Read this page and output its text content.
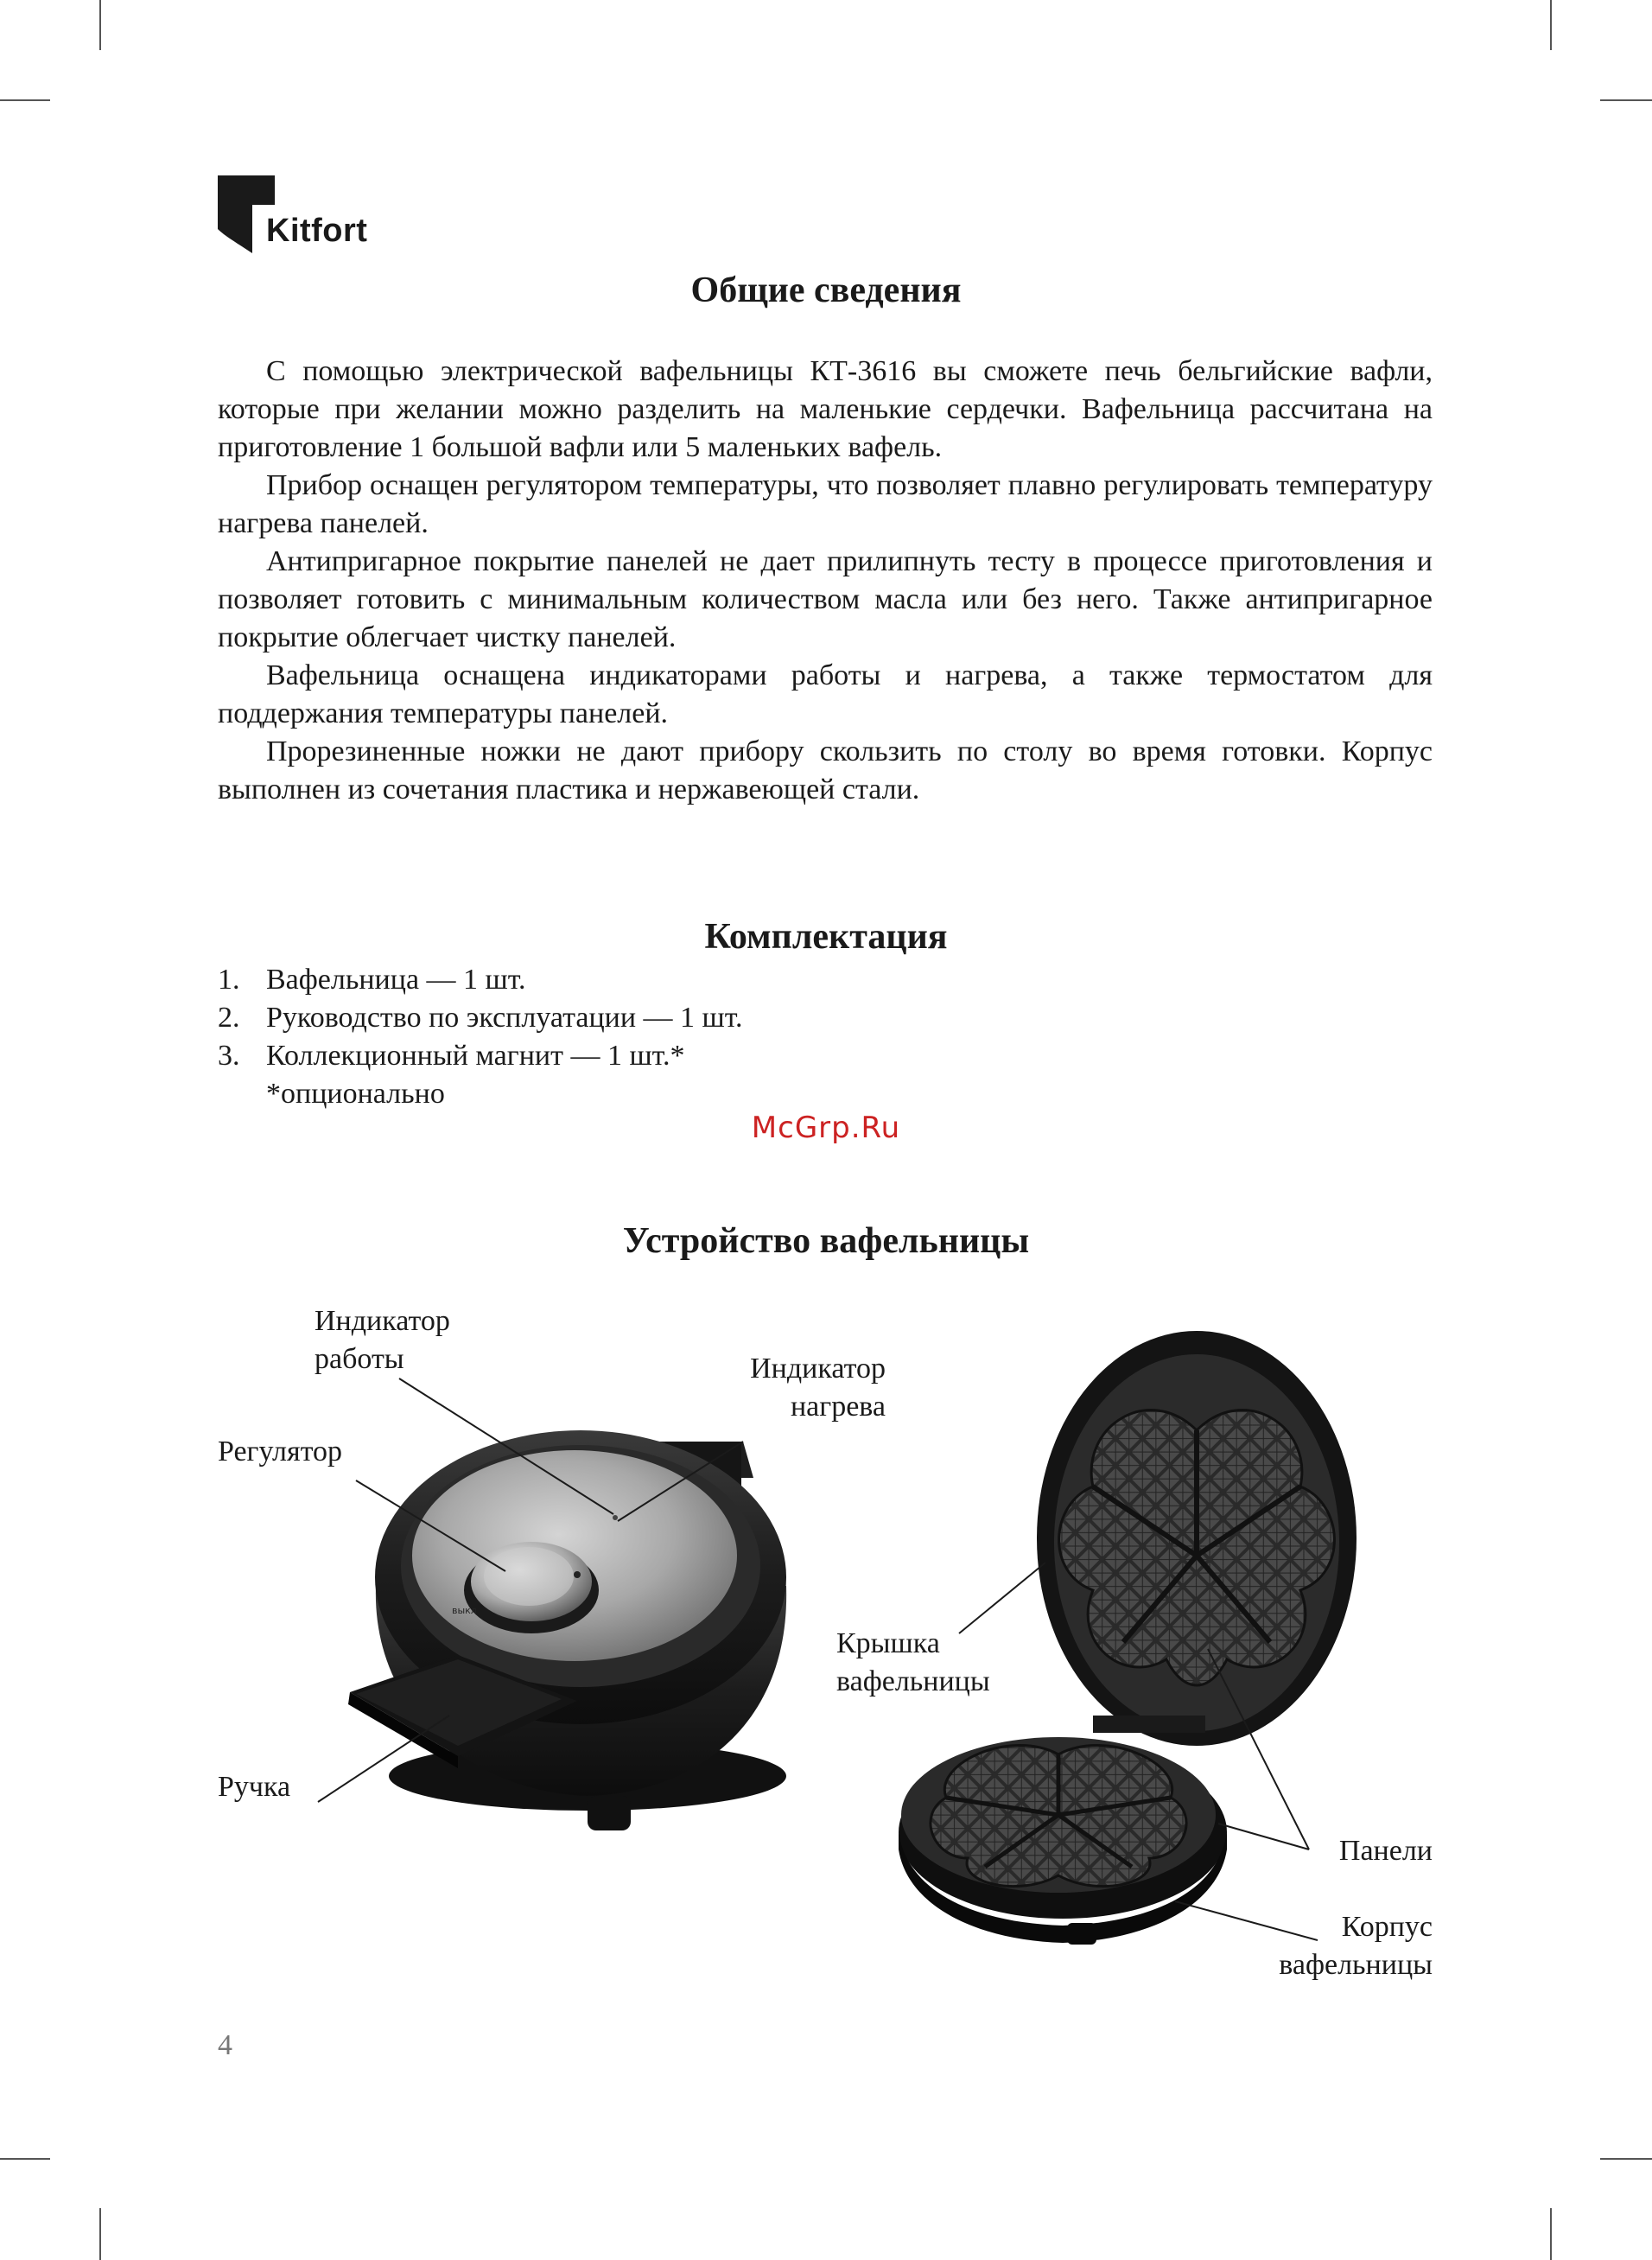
Kitfort
Общие сведения

С помощью электрической вафельницы КТ-3616 вы сможете печь бельгийские вафли, которые при желании можно разделить на маленькие сердечки. Вафельница рассчитана на приготовление 1 большой вафли или 5 маленьких вафель.

Прибор оснащен регулятором температуры, что позволяет плавно регулировать температуру нагрева панелей.

Антипригарное покрытие панелей не дает прилипнуть тесту в процессе приготовления и позволяет готовить с минимальным количеством масла или без него. Также антипригарное покрытие облегчает чистку панелей.

Вафельница оснащена индикаторами работы и нагрева, а также термостатом для поддержания температуры панелей.

Прорезиненные ножки не дают прибору скользить по столу во время готовки. Корпус выполнен из сочетания пластика и нержавеющей стали.

Комплектация
1. Вафельница — 1 шт.
2. Руководство по эксплуатации — 1 шт.
3. Коллекционный магнит — 1 шт.*
*опционально
McGrp.Ru
Устройство вафельницы
выкл
Индикатор работы	Индикатор нагрева
Регулятор
Ручка
Крышка вафельницы
Панели
Корпус вафельницы
4
